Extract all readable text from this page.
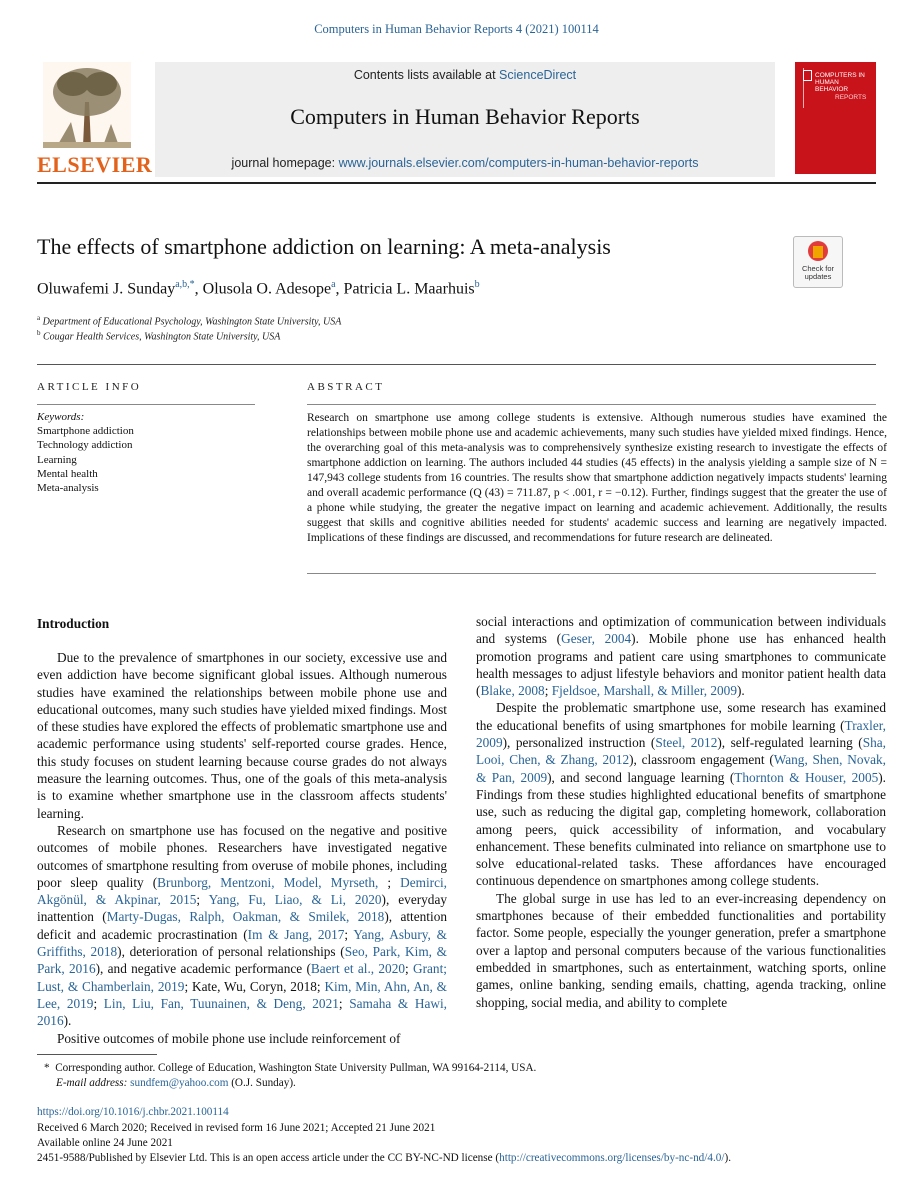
Computers in Human Behavior Reports 4 (2021) 100114
ELSEVIER
Contents lists available at ScienceDirect
Computers in Human Behavior Reports
journal homepage: www.journals.elsevier.com/computers-in-human-behavior-reports
COMPUTERS IN HUMAN BEHAVIOR
REPORTS
The effects of smartphone addiction on learning: A meta-analysis
Check for updates
Oluwafemi J. Sunday$^{a,b,*}$, Olusola O. Adesope$^a$, Patricia L. Maarhuis$^b$
$^a$ Department of Educational Psychology, Washington State University, USA
$^b$ Cougar Health Services, Washington State University, USA
ARTICLE INFO	ABSTRACT
Keywords:
Smartphone addiction
Technology addiction
Learning
Mental health
Meta-analysis
Research on smartphone use among college students is extensive. Although numerous studies have examined the relationships between mobile phone use and academic achievements, many such studies have yielded mixed findings. Hence, the overarching goal of this meta-analysis was to comprehensively synthesize existing research to investigate the effects of smartphone addiction on learning. The authors included 44 studies (45 effects) in the analysis yielding a sample size of N = 147,943 college students from 16 countries. The results show that smartphone addiction negatively impacts students' learning and overall academic performance (Q (43) = 711.87, p < .001, r = −0.12). Further, findings suggest that the greater the use of a phone while studying, the greater the negative impact on learning and academic achievement. Additionally, the results suggest that skills and cognitive abilities needed for students' academic success and learning are negatively impacted. Implications of these findings are discussed, and recommendations for future research are delineated.
Introduction

Due to the prevalence of smartphones in our society, excessive use and even addiction have become significant global issues. Although numerous studies have examined the relationships between mobile phone use and educational outcomes, many such studies have yielded mixed findings. Most of these studies have explored the effects of problematic smartphone use and academic performance using students' self-reported course grades. Hence, this study focuses on student learning because course grades do not always measure the learning outcomes. Thus, one of the goals of this meta-analysis is to examine whether smartphone use in the classroom affects students' learning.

Research on smartphone use has focused on the negative and positive outcomes of mobile phones. Researchers have investigated negative outcomes of smartphone resulting from overuse of mobile phones, including poor sleep quality (Brunborg, Mentzoni, Model, Myrseth, ; Demirci, Akgönül, & Akpinar, 2015; Yang, Fu, Liao, & Li, 2020), everyday inattention (Marty-Dugas, Ralph, Oakman, & Smilek, 2018), attention deficit and academic procrastination (Im & Jang, 2017; Yang, Asbury, & Griffiths, 2018), deterioration of personal relationships (Seo, Park, Kim, & Park, 2016), and negative academic performance (Baert et al., 2020; Grant; Lust, & Chamberlain, 2019; Kate, Wu, Coryn, 2018; Kim, Min, Ahn, An, & Lee, 2019; Lin, Liu, Fan, Tuunainen, & Deng, 2021; Samaha & Hawi, 2016).

Positive outcomes of mobile phone use include reinforcement of

social interactions and optimization of communication between individuals and systems (Geser, 2004). Mobile phone use has enhanced health promotion programs and patient care using smartphones to communicate health messages to adjust lifestyle behaviors and monitor patient health data (Blake, 2008; Fjeldsoe, Marshall, & Miller, 2009).

Despite the problematic smartphone use, some research has examined the educational benefits of using smartphones for mobile learning (Traxler, 2009), personalized instruction (Steel, 2012), self-regulated learning (Sha, Looi, Chen, & Zhang, 2012), classroom engagement (Wang, Shen, Novak, & Pan, 2009), and second language learning (Thornton & Houser, 2005). Findings from these studies highlighted educational benefits of smartphone use, such as reducing the digital gap, completing homework, collaboration among peers, quick accessibility of information, and vocabulary enhancement. These benefits culminated into reliance on smartphone use to solve educational-related tasks. These affordances have encouraged continuous dependence on smartphones among college students.

The global surge in use has led to an ever-increasing dependency on smartphones because of their embedded functionalities and portability factor. Some people, especially the younger generation, prefer a smartphone over a laptop and personal computers because of the various functionalities embedded in smartphones, such as entertainment, watching sports, online games, online banking, sending emails, chatting, agenda tracking, online shopping, social media, and ability to complete

* Corresponding author. College of Education, Washington State University Pullman, WA 99164-2114, USA.
E-mail address: sundfem@yahoo.com (O.J. Sunday).
https://doi.org/10.1016/j.chbr.2021.100114
Received 6 March 2020; Received in revised form 16 June 2021; Accepted 21 June 2021
Available online 24 June 2021
2451-9588/Published by Elsevier Ltd. This is an open access article under the CC BY-NC-ND license (http://creativecommons.org/licenses/by-nc-nd/4.0/).
